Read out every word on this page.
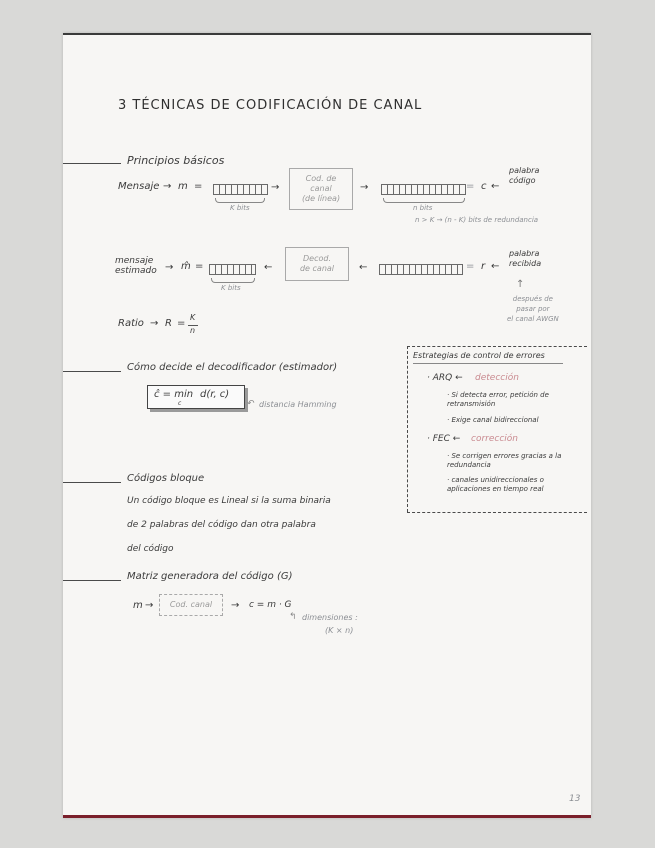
3 TÉCNICAS DE CODIFICACIÓN DE CANAL
Principios básicos
Mensaje → m =
K bits
→
Cod. de
canal
(de línea)
→
n bits
= c ←
palabra
código
n > K → (n - K) bits de redundancia
mensaje
estimado → m̂ =
K bits
←
Decod.
de canal ←	= r ←
palabra
recibida
↑
después de
pasar por
el canal AWGN
Ratio → R =
K
n
Cómo decide el decodificador (estimador)
ĉ = min
c
d(r, c)
↶ distancia Hamming
Estrategias de control de errores
· ARQ ← detección
· Si detecta error, petición de retransmisión
· Exige canal bidireccional
· FEC ← corrección
· Se corrigen errores gracias a la redundancia
· canales unidireccionales o aplicaciones en tiempo real
Códigos bloque
Un código bloque es Lineal si la suma binaria
de 2 palabras del código dan otra palabra
del código
Matriz generadora del código (G)
m → Cod. canal → c = m · G
↰ dimensiones :
(K × n)
13
